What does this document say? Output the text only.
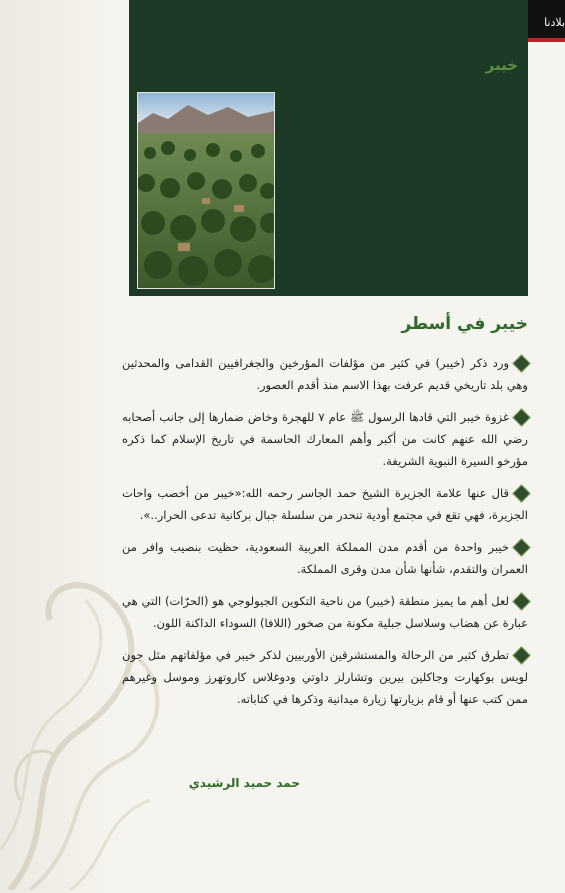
بلادنا
خيبر
خيبر في أسطر

ورد ذكر (خيبر) في كثير من مؤلفات المؤرخين والجغرافيين القدامى والمحدثين وهي بلد تاريخي قديم عرفت بهذا الاسم منذ أقدم العصور.

غزوة خيبر التي قادها الرسول ﷺ عام ٧ للهجرة وخاض ضمارها إلى جانب أصحابه رضي الله عنهم كانت من أكبر وأهم المعارك الحاسمة في تاريخ الإسلام كما ذكره مؤرخو السيرة النبوية الشريفة.

قال عنها علامة الجزيرة الشيخ حمد الجاسر رحمه الله:«خيبر من أخصب واحات الجزيرة، فهي تقع في مجتمع أودية تنحدر من سلسلة جبال بركانية تدعى الحرار..».

خيبر واحدة من أقدم مدن المملكة العربية السعودية، حظيت بنصيب وافر من العمران والتقدم، شأنها شأن مدن وقرى المملكة.

لعل أهم ما يميز منطقة (خيبر) من ناحية التكوين الجيولوجي هو (الحرّات) التي هي عبارة عن هضاب وسلاسل جبلية مكونة من صخور (اللافا) السوداء الداكنة اللون.

تطرق كثير من الرحالة والمستشرقين الأوربيين لذكر خيبر في مؤلفاتهم مثل جون لويس بوكهارت وجاكلين بيرين وتشارلز داوتي ودوغلاس كاروتهرز وموسل وغيرهم ممن كتب عنها أو قام بزيارتها زيارة ميدانية وذكرها في كتاباته.

حمد حميد الرشيدي
